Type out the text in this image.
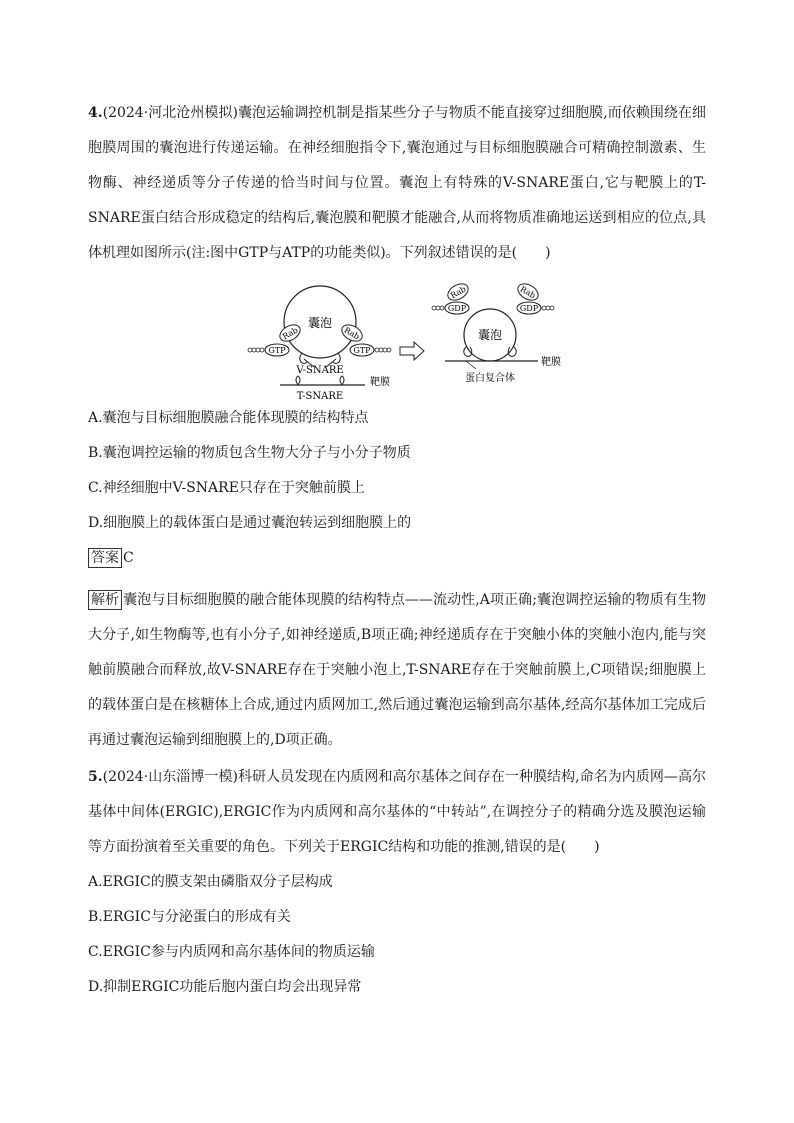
4.(2024·河北沧州模拟)囊泡运输调控机制是指某些分子与物质不能直接穿过细胞膜,而依赖围绕在细胞膜周围的囊泡进行传递运输。在神经细胞指令下,囊泡通过与目标细胞膜融合可精确控制激素、生物酶、神经递质等分子传递的恰当时间与位置。囊泡上有特殊的V-SNARE蛋白,它与靶膜上的T-SNARE蛋白结合形成稳定的结构后,囊泡膜和靶膜才能融合,从而将物质准确地运送到相应的位点,具体机理如图所示(注:图中GTP与ATP的功能类似)。下列叙述错误的是(　　)

囊泡
Rab
GTP
Rab
GTP
V-SNARE
靶膜
T-SNARE
囊泡
Rab
GDP
Rab
GDP
靶膜
蛋白复合体

A.囊泡与目标细胞膜融合能体现膜的结构特点

B.囊泡调控运输的物质包含生物大分子与小分子物质

C.神经细胞中V-SNARE只存在于突触前膜上

D.细胞膜上的载体蛋白是通过囊泡转运到细胞膜上的

答案 C

解析 囊泡与目标细胞膜的融合能体现膜的结构特点——流动性,A项正确;囊泡调控运输的物质有生物大分子,如生物酶等,也有小分子,如神经递质,B项正确;神经递质存在于突触小体的突触小泡内,能与突触前膜融合而释放,故V-SNARE存在于突触小泡上,T-SNARE存在于突触前膜上,C项错误;细胞膜上的载体蛋白是在核糖体上合成,通过内质网加工,然后通过囊泡运输到高尔基体,经高尔基体加工完成后再通过囊泡运输到细胞膜上的,D项正确。

5.(2024·山东淄博一模)科研人员发现在内质网和高尔基体之间存在一种膜结构,命名为内质网—高尔基体中间体(ERGIC),ERGIC作为内质网和高尔基体的“中转站”,在调控分子的精确分选及膜泡运输等方面扮演着至关重要的角色。下列关于ERGIC结构和功能的推测,错误的是(　　)

A.ERGIC的膜支架由磷脂双分子层构成

B.ERGIC与分泌蛋白的形成有关

C.ERGIC参与内质网和高尔基体间的物质运输

D.抑制ERGIC功能后胞内蛋白均会出现异常
